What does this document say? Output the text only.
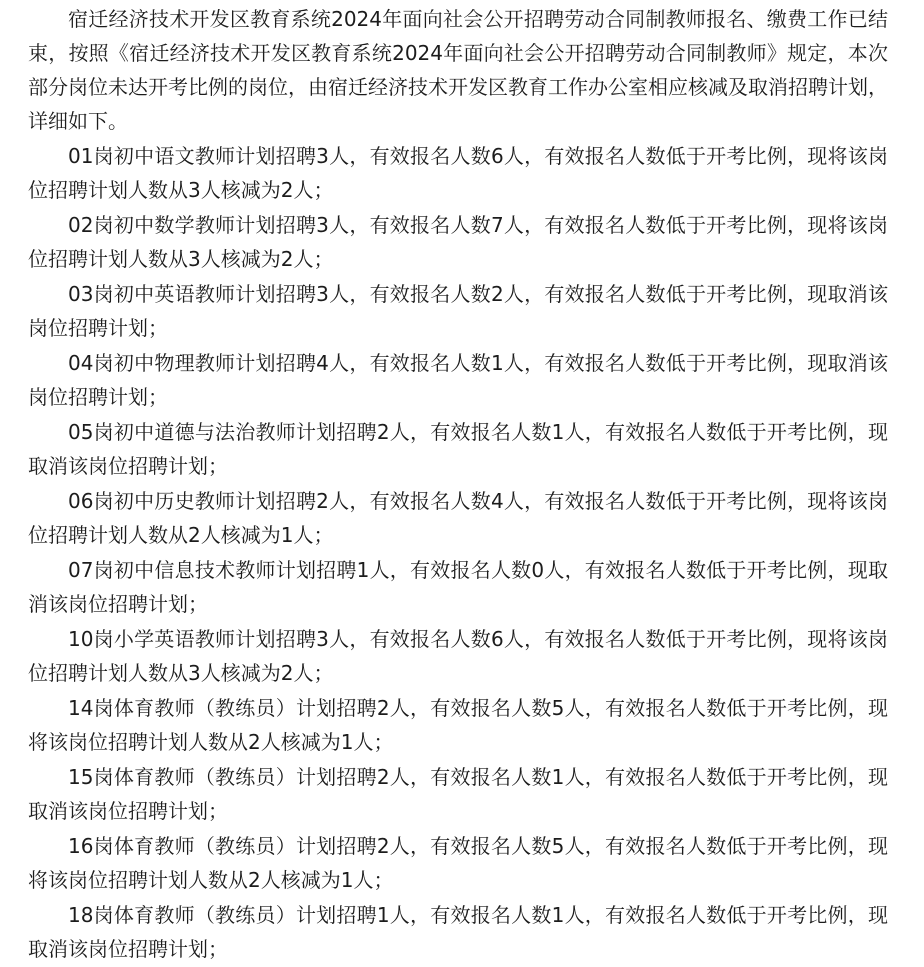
宿迁经济技术开发区教育系统2024年面向社会公开招聘劳动合同制教师报名、缴费工作已结束，按照《宿迁经济技术开发区教育系统2024年面向社会公开招聘劳动合同制教师》规定，本次部分岗位未达开考比例的岗位，由宿迁经济技术开发区教育工作办公室相应核减及取消招聘计划，详细如下。

01岗初中语文教师计划招聘3人，有效报名人数6人，有效报名人数低于开考比例，现将该岗位招聘计划人数从3人核减为2人；

02岗初中数学教师计划招聘3人，有效报名人数7人，有效报名人数低于开考比例，现将该岗位招聘计划人数从3人核减为2人；

03岗初中英语教师计划招聘3人，有效报名人数2人，有效报名人数低于开考比例，现取消该岗位招聘计划；

04岗初中物理教师计划招聘4人，有效报名人数1人，有效报名人数低于开考比例，现取消该岗位招聘计划；

05岗初中道德与法治教师计划招聘2人，有效报名人数1人，有效报名人数低于开考比例，现取消该岗位招聘计划；

06岗初中历史教师计划招聘2人，有效报名人数4人，有效报名人数低于开考比例，现将该岗位招聘计划人数从2人核减为1人；

07岗初中信息技术教师计划招聘1人，有效报名人数0人，有效报名人数低于开考比例，现取消该岗位招聘计划；

10岗小学英语教师计划招聘3人，有效报名人数6人，有效报名人数低于开考比例，现将该岗位招聘计划人数从3人核减为2人；

14岗体育教师（教练员）计划招聘2人，有效报名人数5人，有效报名人数低于开考比例，现将该岗位招聘计划人数从2人核减为1人；

15岗体育教师（教练员）计划招聘2人，有效报名人数1人，有效报名人数低于开考比例，现取消该岗位招聘计划；

16岗体育教师（教练员）计划招聘2人，有效报名人数5人，有效报名人数低于开考比例，现将该岗位招聘计划人数从2人核减为1人；

18岗体育教师（教练员）计划招聘1人，有效报名人数1人，有效报名人数低于开考比例，现取消该岗位招聘计划；
